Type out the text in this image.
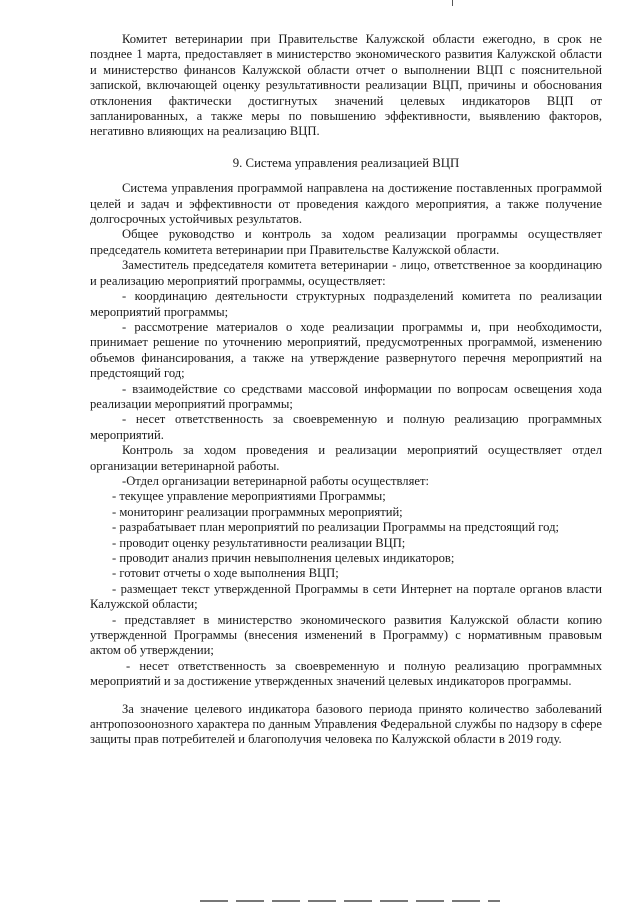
Комитет ветеринарии при Правительстве Калужской области ежегодно, в срок не позднее 1 марта, предоставляет в министерство экономического развития Калужской области и министерство финансов Калужской области отчет о выполнении ВЦП с пояснительной запиской, включающей оценку результативности реализации ВЦП, причины и обоснования отклонения фактически достигнутых значений целевых индикаторов ВЦП от запланированных, а также меры по повышению эффективности, выявлению факторов, негативно влияющих на реализацию ВЦП.

9. Система управления реализацией ВЦП

Система управления программой направлена на достижение поставленных программой целей и задач и эффективности от проведения каждого мероприятия, а также получение долгосрочных устойчивых результатов.

Общее руководство и контроль за ходом реализации программы осуществляет председатель комитета ветеринарии при Правительстве Калужской области.

Заместитель председателя комитета ветеринарии - лицо, ответственное за координацию и реализацию мероприятий программы, осуществляет:

- координацию деятельности структурных подразделений комитета по реализации мероприятий программы;

- рассмотрение материалов о ходе реализации программы и, при необходимости, принимает решение по уточнению мероприятий, предусмотренных программой, изменению объемов финансирования, а также на утверждение развернутого перечня мероприятий на предстоящий год;

- взаимодействие со средствами массовой информации по вопросам освещения хода реализации мероприятий программы;

- несет ответственность за своевременную и полную реализацию программных мероприятий.

Контроль за ходом проведения и реализации мероприятий осуществляет отдел организации ветеринарной работы.

-Отдел организации ветеринарной работы осуществляет:

- текущее управление мероприятиями Программы;

- мониторинг реализации программных мероприятий;

- разрабатывает план мероприятий по реализации Программы на предстоящий год;

- проводит оценку результативности реализации ВЦП;

- проводит анализ причин невыполнения целевых индикаторов;

- готовит отчеты о ходе выполнения ВЦП;

- размещает текст утвержденной Программы в сети Интернет на портале органов власти Калужской области;

- представляет в министерство экономического развития Калужской области копию утвержденной Программы (внесения изменений в Программу) с нормативным правовым актом об утверждении;

- несет ответственность за своевременную и полную реализацию программных мероприятий и за достижение утвержденных значений целевых индикаторов программы.

За значение целевого индикатора базового периода принято количество заболеваний антропозоонозного характера по данным Управления Федеральной службы по надзору в сфере защиты прав потребителей и благополучия человека по Калужской области в 2019 году.
